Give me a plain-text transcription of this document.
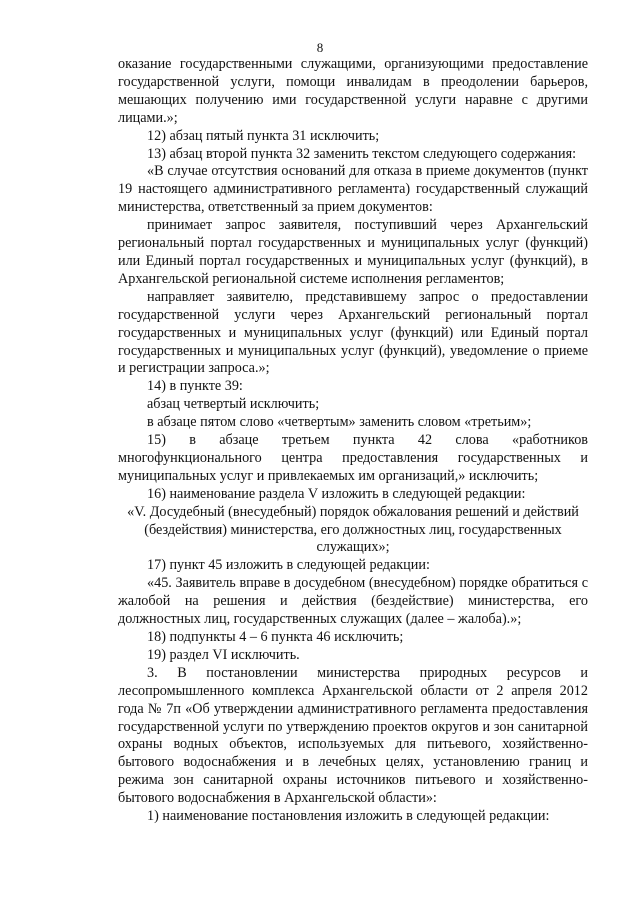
8

оказание государственными служащими, организующими предоставление государственной услуги, помощи инвалидам в преодолении барьеров, мешающих получению ими государственной услуги наравне с другими лицами.»;

12) абзац пятый пункта 31 исключить;

13) абзац второй пункта 32 заменить текстом следующего содержания:

«В случае отсутствия оснований для отказа в приеме документов (пункт 19 настоящего административного регламента) государственный служащий министерства, ответственный за прием документов:

принимает запрос заявителя, поступивший через Архангельский региональный портал государственных и муниципальных услуг (функций) или Единый портал государственных и муниципальных услуг (функций), в Архангельской региональной системе исполнения регламентов;

направляет заявителю, представившему запрос о предоставлении государственной услуги через Архангельский региональный портал государственных и муниципальных услуг (функций) или Единый портал государственных и муниципальных услуг (функций), уведомление о приеме и регистрации запроса.»;

14) в пункте 39:

абзац четвертый исключить;

в абзаце пятом слово «четвертым» заменить словом «третьим»;

15) в абзаце третьем пункта 42 слова «работников многофункционального центра предоставления государственных и муниципальных услуг и привлекаемых им организаций,» исключить;

16) наименование раздела V изложить в следующей редакции:

«V. Досудебный (внесудебный) порядок обжалования решений и действий (бездействия) министерства, его должностных лиц, государственных служащих»;

17) пункт 45 изложить в следующей редакции:

«45. Заявитель вправе в досудебном (внесудебном) порядке обратиться с жалобой на решения и действия (бездействие) министерства, его должностных лиц, государственных служащих (далее – жалоба).»;

18) подпункты 4 – 6 пункта 46 исключить;

19) раздел VI исключить.

3. В постановлении министерства природных ресурсов и лесопромышленного комплекса Архангельской области от 2 апреля 2012 года № 7п «Об утверждении административного регламента предоставления государственной услуги по утверждению проектов округов и зон санитарной охраны водных объектов, используемых для питьевого, хозяйственно-бытового водоснабжения и в лечебных целях, установлению границ и режима зон санитарной охраны источников питьевого и хозяйственно-бытового водоснабжения в Архангельской области»:

1) наименование постановления изложить в следующей редакции:
